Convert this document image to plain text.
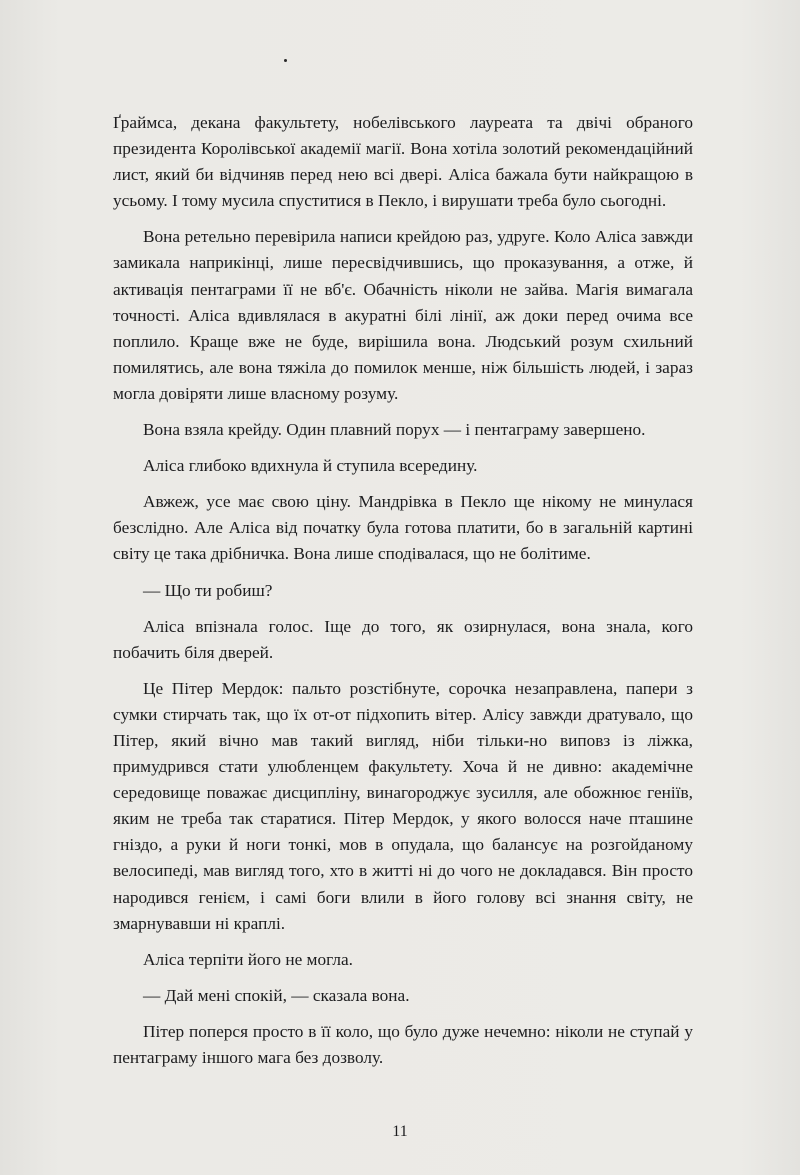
Ґраймса, декана факультету, нобелівського лауреата та двічі обраного президента Королівської академії магії. Вона хотіла золотий рекомендаційний лист, який би відчиняв перед нею всі двері. Аліса бажала бути найкращою в усьому. І тому мусила спуститися в Пекло, і вирушати треба було сьогодні.

Вона ретельно перевірила написи крейдою раз, удруге. Коло Аліса завжди замикала наприкінці, лише пересвідчившись, що проказування, а отже, й активація пентаграми її не вб'є. Обачність ніколи не зайва. Магія вимагала точності. Аліса вдивлялася в акуратні білі лінії, аж доки перед очима все поплило. Краще вже не буде, вирішила вона. Людський розум схильний помилятись, але вона тяжіла до помилок менше, ніж більшість людей, і зараз могла довіряти лише власному розуму.

Вона взяла крейду. Один плавний порух — і пентаграму завершено.

Аліса глибоко вдихнула й ступила всередину.

Авжеж, усе має свою ціну. Мандрівка в Пекло ще нікому не минулася безслідно. Але Аліса від початку була готова платити, бо в загальній картині світу це така дрібничка. Вона лише сподівалася, що не болітиме.

— Що ти робиш?

Аліса впізнала голос. Іще до того, як озирнулася, вона знала, кого побачить біля дверей.

Це Пітер Мердок: пальто розстібнуте, сорочка незаправлена, папери з сумки стирчать так, що їх от-от підхопить вітер. Алісу завжди дратувало, що Пітер, який вічно мав такий вигляд, ніби тільки-но виповз із ліжка, примудрився стати улюбленцем факультету. Хоча й не дивно: академічне середовище поважає дисципліну, винагороджує зусилля, але обожнює геніїв, яким не треба так старатися. Пітер Мердок, у якого волосся наче пташине гніздо, а руки й ноги тонкі, мов в опудала, що балансує на розгойданому велосипеді, мав вигляд того, хто в житті ні до чого не докладався. Він просто народився генієм, і самі боги влили в його голову всі знання світу, не змарнувавши ні краплі.

Аліса терпіти його не могла.

— Дай мені спокій, — сказала вона.

Пітер поперся просто в її коло, що було дуже нечемно: ніколи не ступай у пентаграму іншого мага без дозволу.

11
